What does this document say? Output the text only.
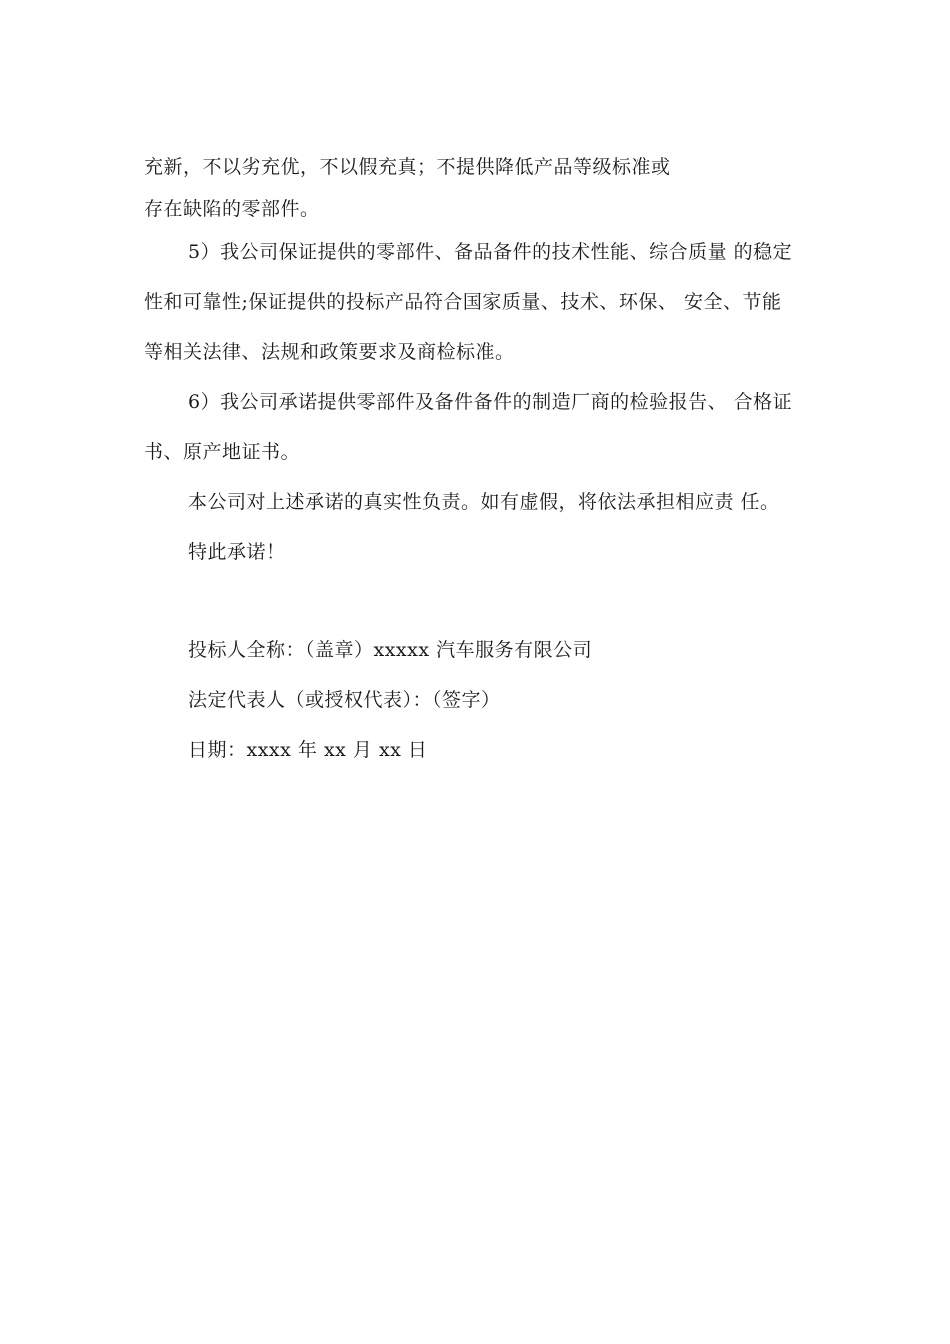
充新，不以劣充优，不以假充真；不提供降低产品等级标准或
存在缺陷的零部件。
5）我公司保证提供的零部件、备品备件的技术性能、综合质量 的稳定
性和可靠性;保证提供的投标产品符合国家质量、技术、环保、 安全、节能
等相关法律、法规和政策要求及商检标准。
6）我公司承诺提供零部件及备件备件的制造厂商的检验报告、 合格证
书、原产地证书。
本公司对上述承诺的真实性负责。如有虚假，将依法承担相应责 任。
特此承诺！
投标人全称：（盖章）xxxxx 汽车服务有限公司
法定代表人（或授权代表）：（签字）
日期：xxxx 年 xx 月 xx 日
